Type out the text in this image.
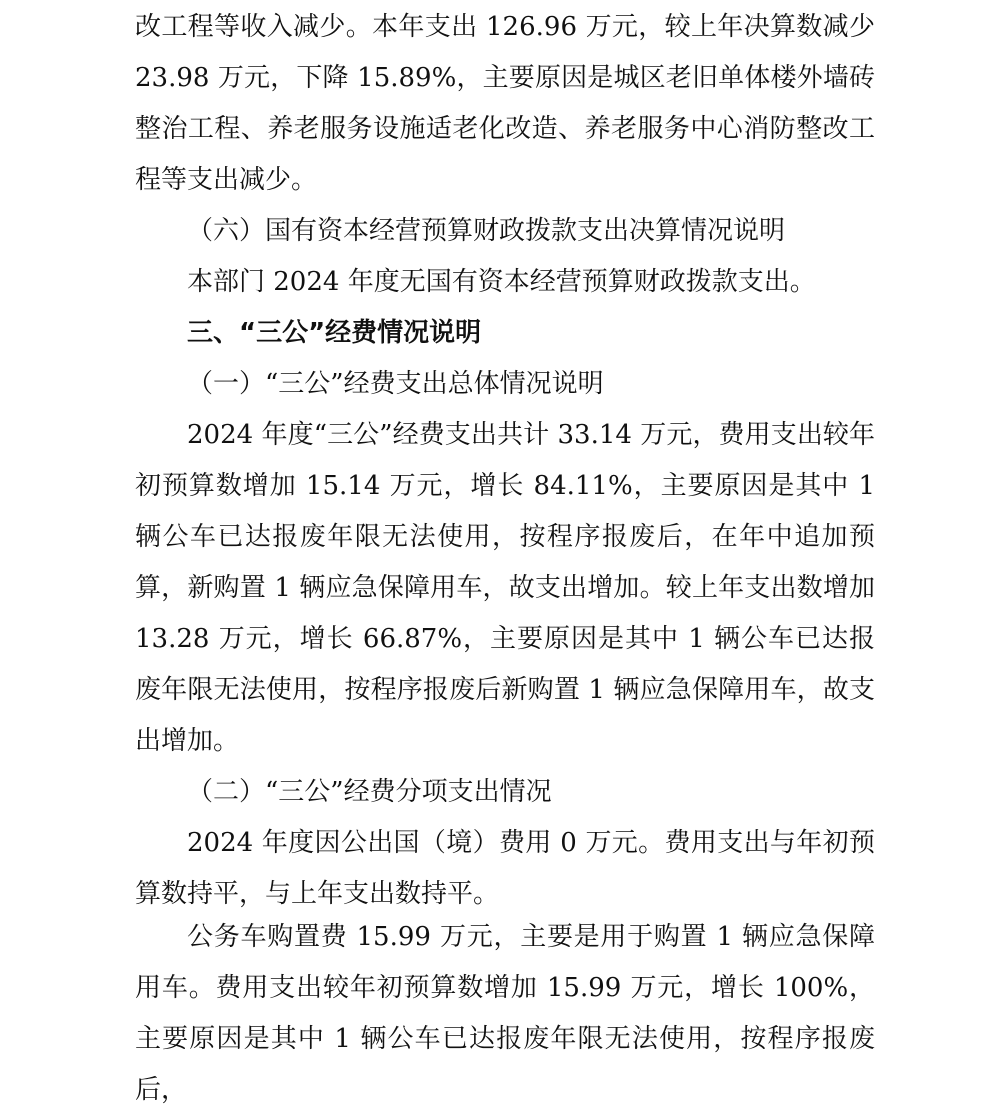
改工程等收入减少。本年支出 126.96 万元，较上年决算数减少 23.98 万元，下降 15.89%，主要原因是城区老旧单体楼外墙砖整治工程、养老服务设施适老化改造、养老服务中心消防整改工程等支出减少。
（六）国有资本经营预算财政拨款支出决算情况说明
本部门 2024 年度无国有资本经营预算财政拨款支出。
三、“三公”经费情况说明
（一）“三公”经费支出总体情况说明
2024 年度“三公”经费支出共计 33.14 万元，费用支出较年初预算数增加 15.14 万元，增长 84.11%，主要原因是其中 1 辆公车已达报废年限无法使用，按程序报废后，在年中追加预算，新购置 1 辆应急保障用车，故支出增加。较上年支出数增加 13.28 万元，增长 66.87%，主要原因是其中 1 辆公车已达报废年限无法使用，按程序报废后新购置 1 辆应急保障用车，故支出增加。
（二）“三公”经费分项支出情况
2024 年度因公出国（境）费用 0 万元。费用支出与年初预算数持平，与上年支出数持平。
公务车购置费 15.99 万元，主要是用于购置 1 辆应急保障用车。费用支出较年初预算数增加 15.99 万元，增长 100%，主要原因是其中 1 辆公车已达报废年限无法使用，按程序报废后，
